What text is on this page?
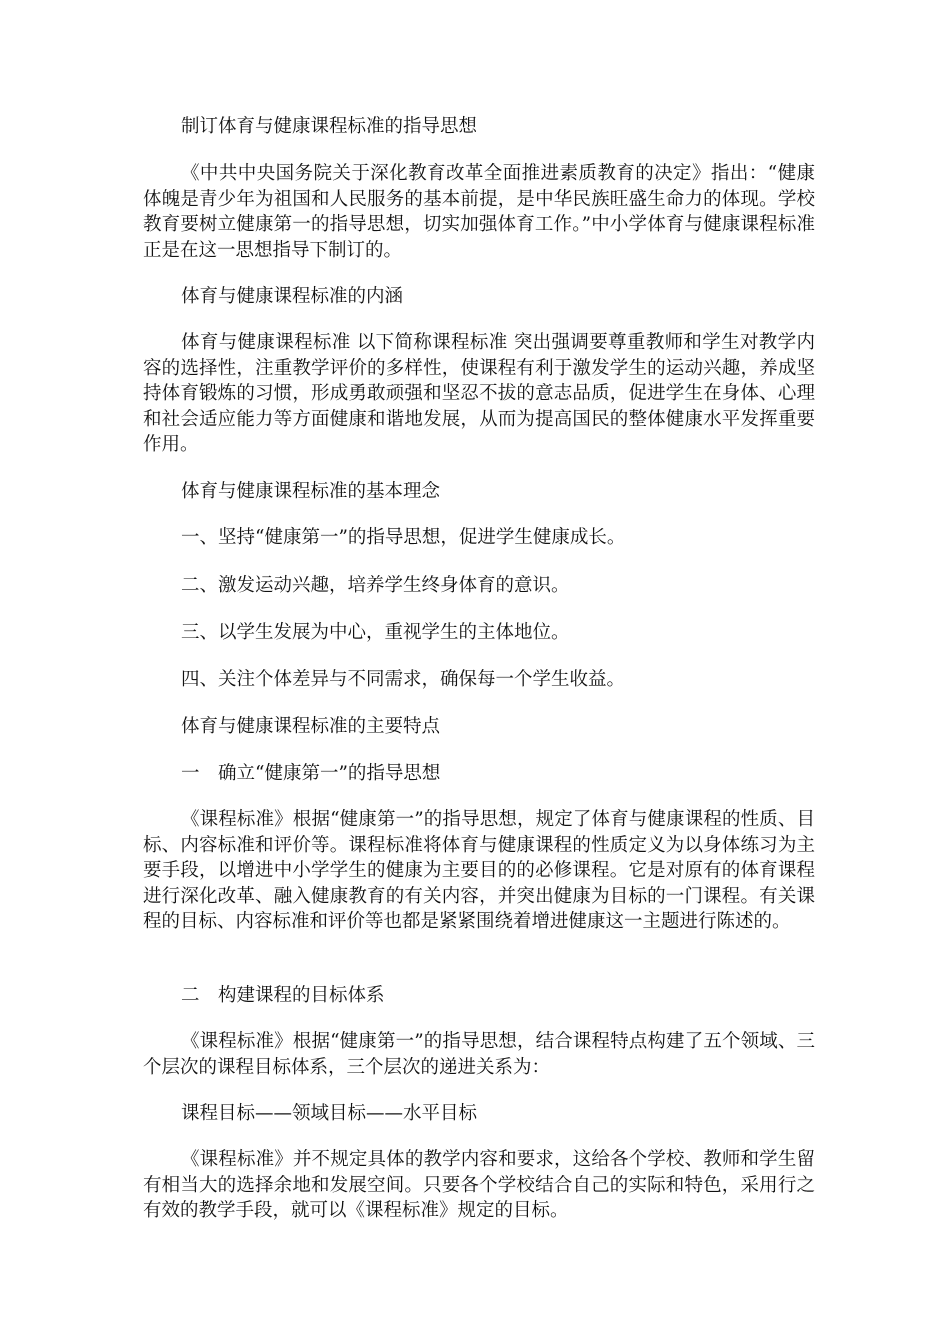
制订体育与健康课程标准的指导思想

《中共中央国务院关于深化教育改革全面推进素质教育的决定》指出：“健康体魄是青少年为祖国和人民服务的基本前提，是中华民族旺盛生命力的体现。学校教育要树立健康第一的指导思想，切实加强体育工作。”中小学体育与健康课程标准正是在这一思想指导下制订的。

体育与健康课程标准的内涵

体育与健康课程标准 以下简称课程标准 突出强调要尊重教师和学生对教学内容的选择性，注重教学评价的多样性，使课程有利于激发学生的运动兴趣，养成坚持体育锻炼的习惯，形成勇敢顽强和坚忍不拔的意志品质，促进学生在身体、心理和社会适应能力等方面健康和谐地发展，从而为提高国民的整体健康水平发挥重要作用。

体育与健康课程标准的基本理念

一、坚持“健康第一”的指导思想，促进学生健康成长。

二、激发运动兴趣，培养学生终身体育的意识。

三、以学生发展为中心，重视学生的主体地位。

四、关注个体差异与不同需求，确保每一个学生收益。

体育与健康课程标准的主要特点

一　确立“健康第一”的指导思想

《课程标准》根据“健康第一”的指导思想，规定了体育与健康课程的性质、目标、内容标准和评价等。课程标准将体育与健康课程的性质定义为以身体练习为主要手段，以增进中小学学生的健康为主要目的的必修课程。它是对原有的体育课程进行深化改革、融入健康教育的有关内容，并突出健康为目标的一门课程。有关课程的目标、内容标准和评价等也都是紧紧围绕着增进健康这一主题进行陈述的。

二　构建课程的目标体系

《课程标准》根据“健康第一”的指导思想，结合课程特点构建了五个领域、三个层次的课程目标体系，三个层次的递进关系为：

课程目标——领域目标——水平目标

《课程标准》并不规定具体的教学内容和要求，这给各个学校、教师和学生留有相当大的选择余地和发展空间。只要各个学校结合自己的实际和特色，采用行之有效的教学手段，就可以《课程标准》规定的目标。
